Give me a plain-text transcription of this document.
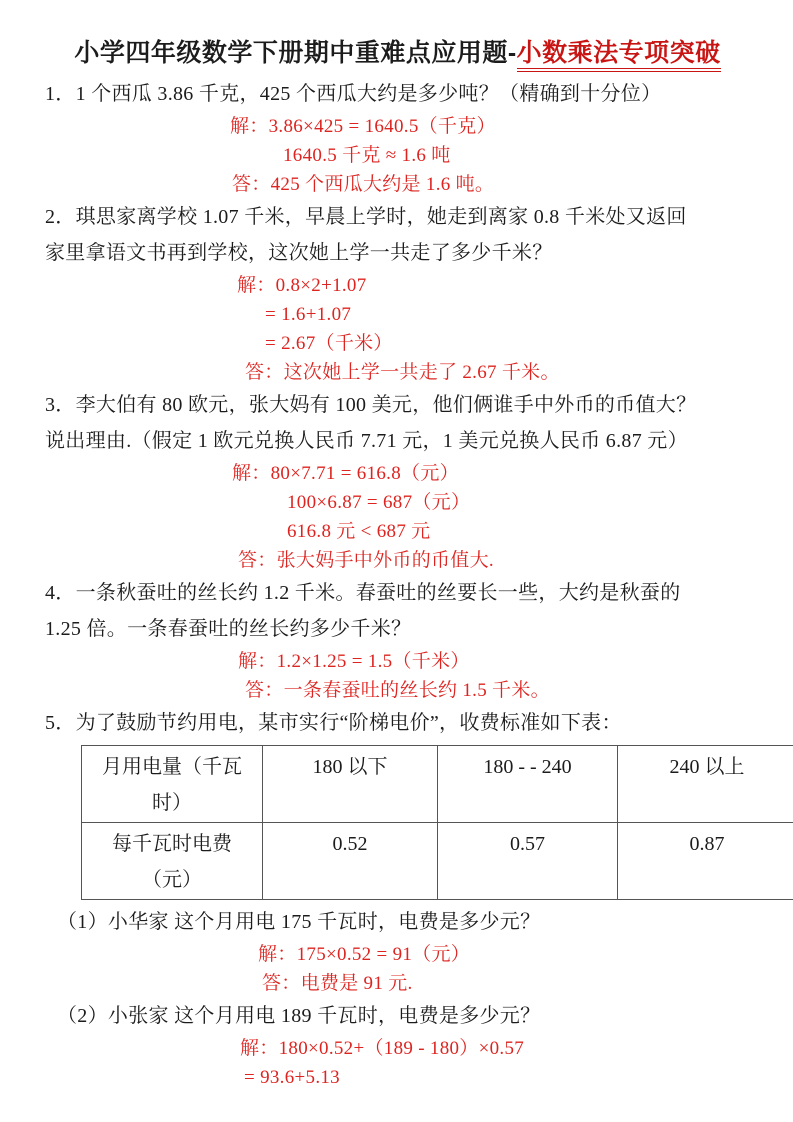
小学四年级数学下册期中重难点应用题-小数乘法专项突破
1．1 个西瓜 3.86 千克，425 个西瓜大约是多少吨？（精确到十分位）
解：3.86×425 = 1640.5（千克）
1640.5 千克 ≈ 1.6 吨
答：425 个西瓜大约是 1.6 吨。
2．琪思家离学校 1.07 千米，早晨上学时，她走到离家 0.8 千米处又返回
家里拿语文书再到学校，这次她上学一共走了多少千米？
解：0.8×2+1.07
= 1.6+1.07
= 2.67（千米）
答：这次她上学一共走了 2.67 千米。
3．李大伯有 80 欧元，张大妈有 100 美元，他们俩谁手中外币的币值大？
说出理由.（假定 1 欧元兑换人民币 7.71 元，1 美元兑换人民币 6.87 元）
解：80×7.71 = 616.8（元）
100×6.87 = 687（元）
616.8 元 < 687 元
答：张大妈手中外币的币值大.
4．一条秋蚕吐的丝长约 1.2 千米。春蚕吐的丝要长一些，大约是秋蚕的
1.25 倍。一条春蚕吐的丝长约多少千米？
解：1.2×1.25 = 1.5（千米）
答：一条春蚕吐的丝长约 1.5 千米。
5．为了鼓励节约用电，某市实行“阶梯电价”，收费标准如下表：
月用电量（千瓦时）	180 以下	180 - - 240	240 以上
每千瓦时电费（元）	0.52	0.57	0.87
（1）小华家 这个月用电 175 千瓦时，电费是多少元？
解：175×0.52 = 91（元）
答：电费是 91 元.
（2）小张家 这个月用电 189 千瓦时，电费是多少元？
解：180×0.52+（189 - 180）×0.57
= 93.6+5.13
